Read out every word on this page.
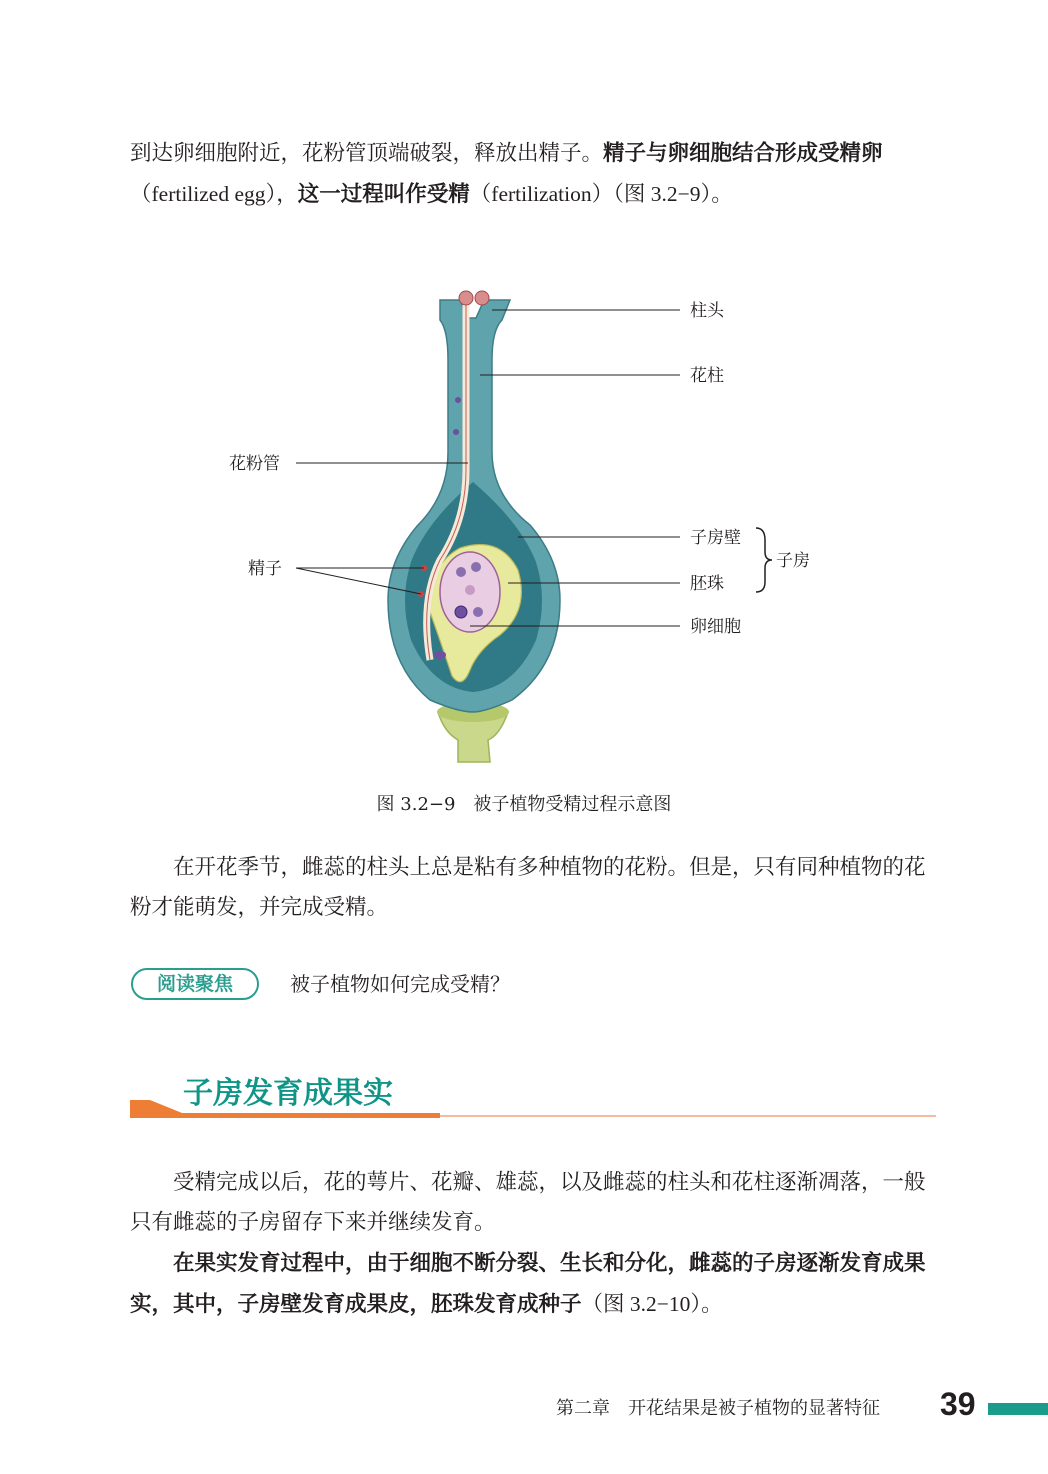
到达卵细胞附近，花粉管顶端破裂，释放出精子。精子与卵细胞结合形成受精卵（fertilized egg），这一过程叫作受精（fertilization）（图 3.2−9）。

柱头
花柱
花粉管
子房壁
子房
精子
胚珠
卵细胞
图 3.2−9　被子植物受精过程示意图

在开花季节，雌蕊的柱头上总是粘有多种植物的花粉。但是，只有同种植物的花粉才能萌发，并完成受精。

阅读聚焦	被子植物如何完成受精？
子房发育成果实

受精完成以后，花的萼片、花瓣、雄蕊，以及雌蕊的柱头和花柱逐渐凋落，一般只有雌蕊的子房留存下来并继续发育。

在果实发育过程中，由于细胞不断分裂、生长和分化，雌蕊的子房逐渐发育成果实，其中，子房壁发育成果皮，胚珠发育成种子（图 3.2−10）。

第二章　开花结果是被子植物的显著特征 39
